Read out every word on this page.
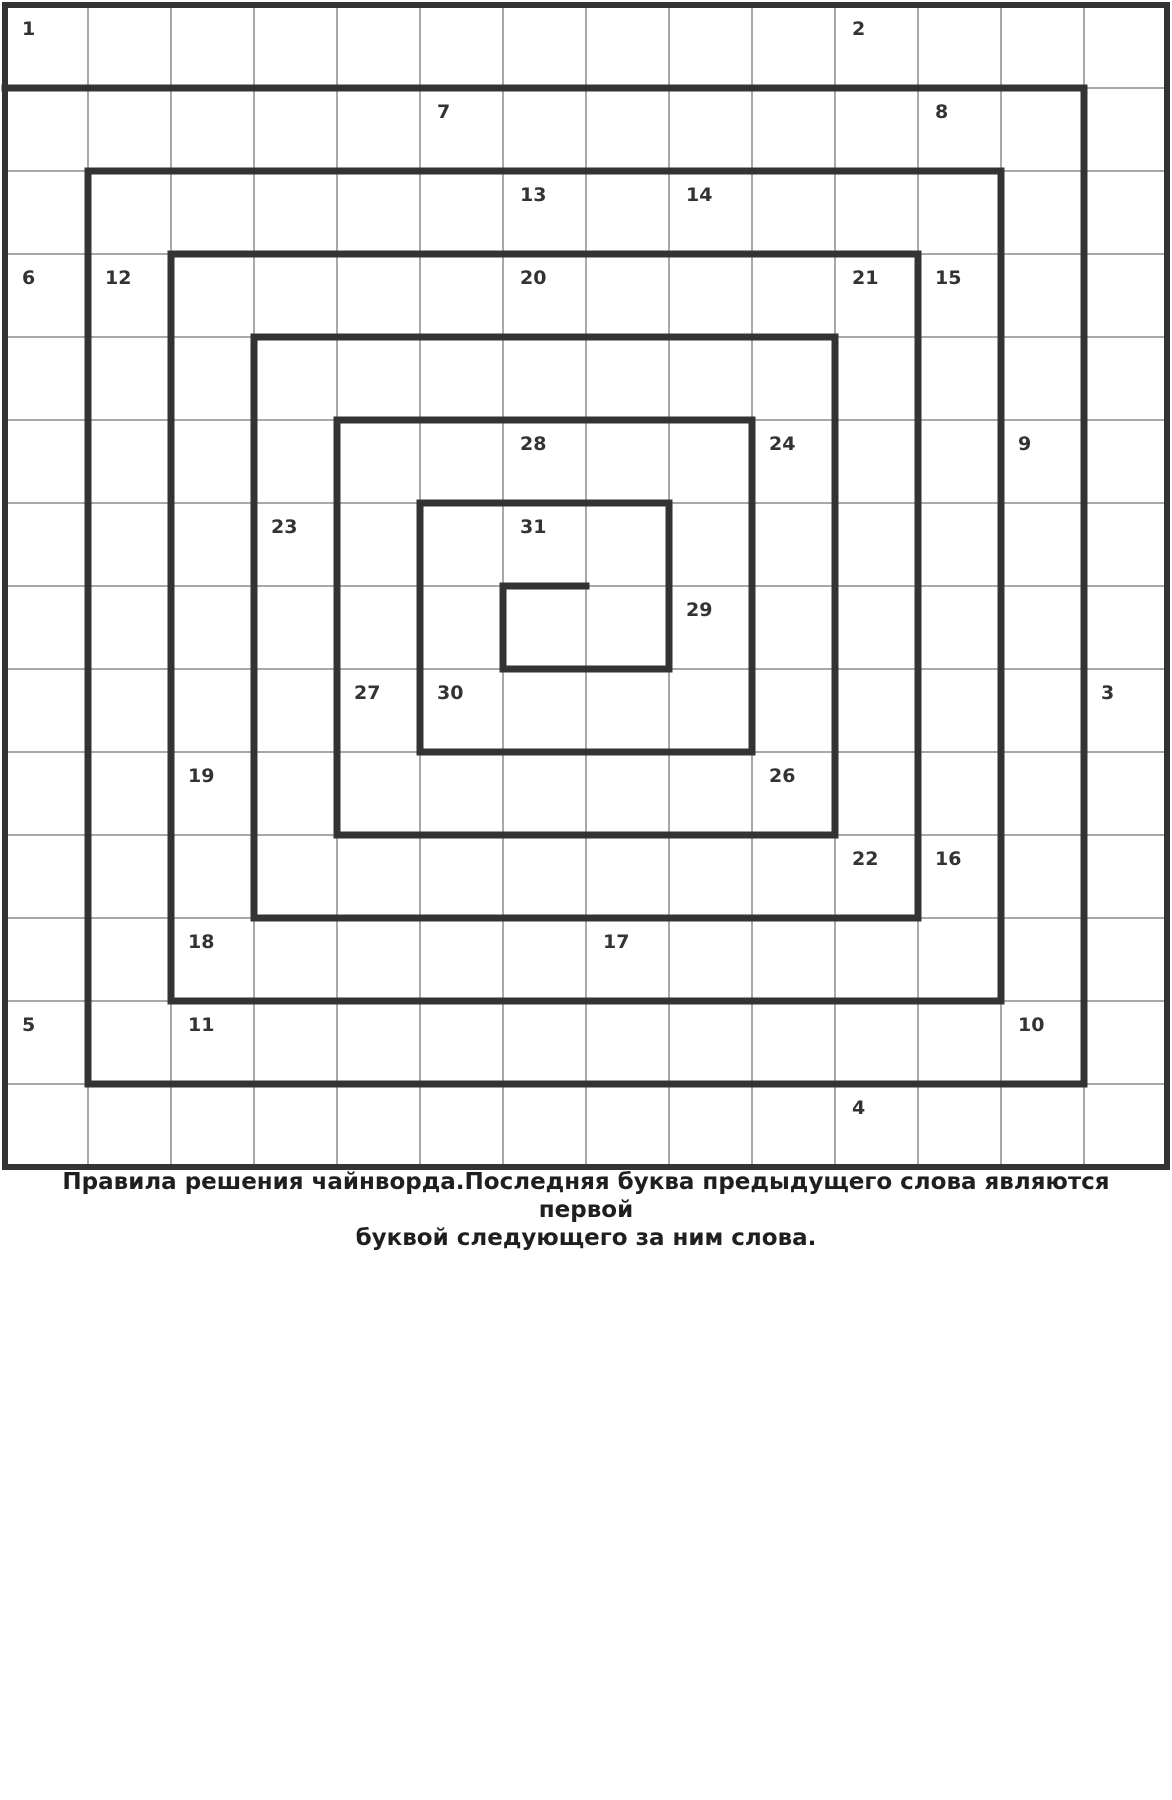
1	2
7	8
13	14
6	12	20	21	15
28	24	9
23	31
29
27	30	3
19	26
22	16
18	17
5	11	10
4
Правила решения чайнворда.Последняя буква предыдущего слова являются первой
буквой следующего за ним слова.
